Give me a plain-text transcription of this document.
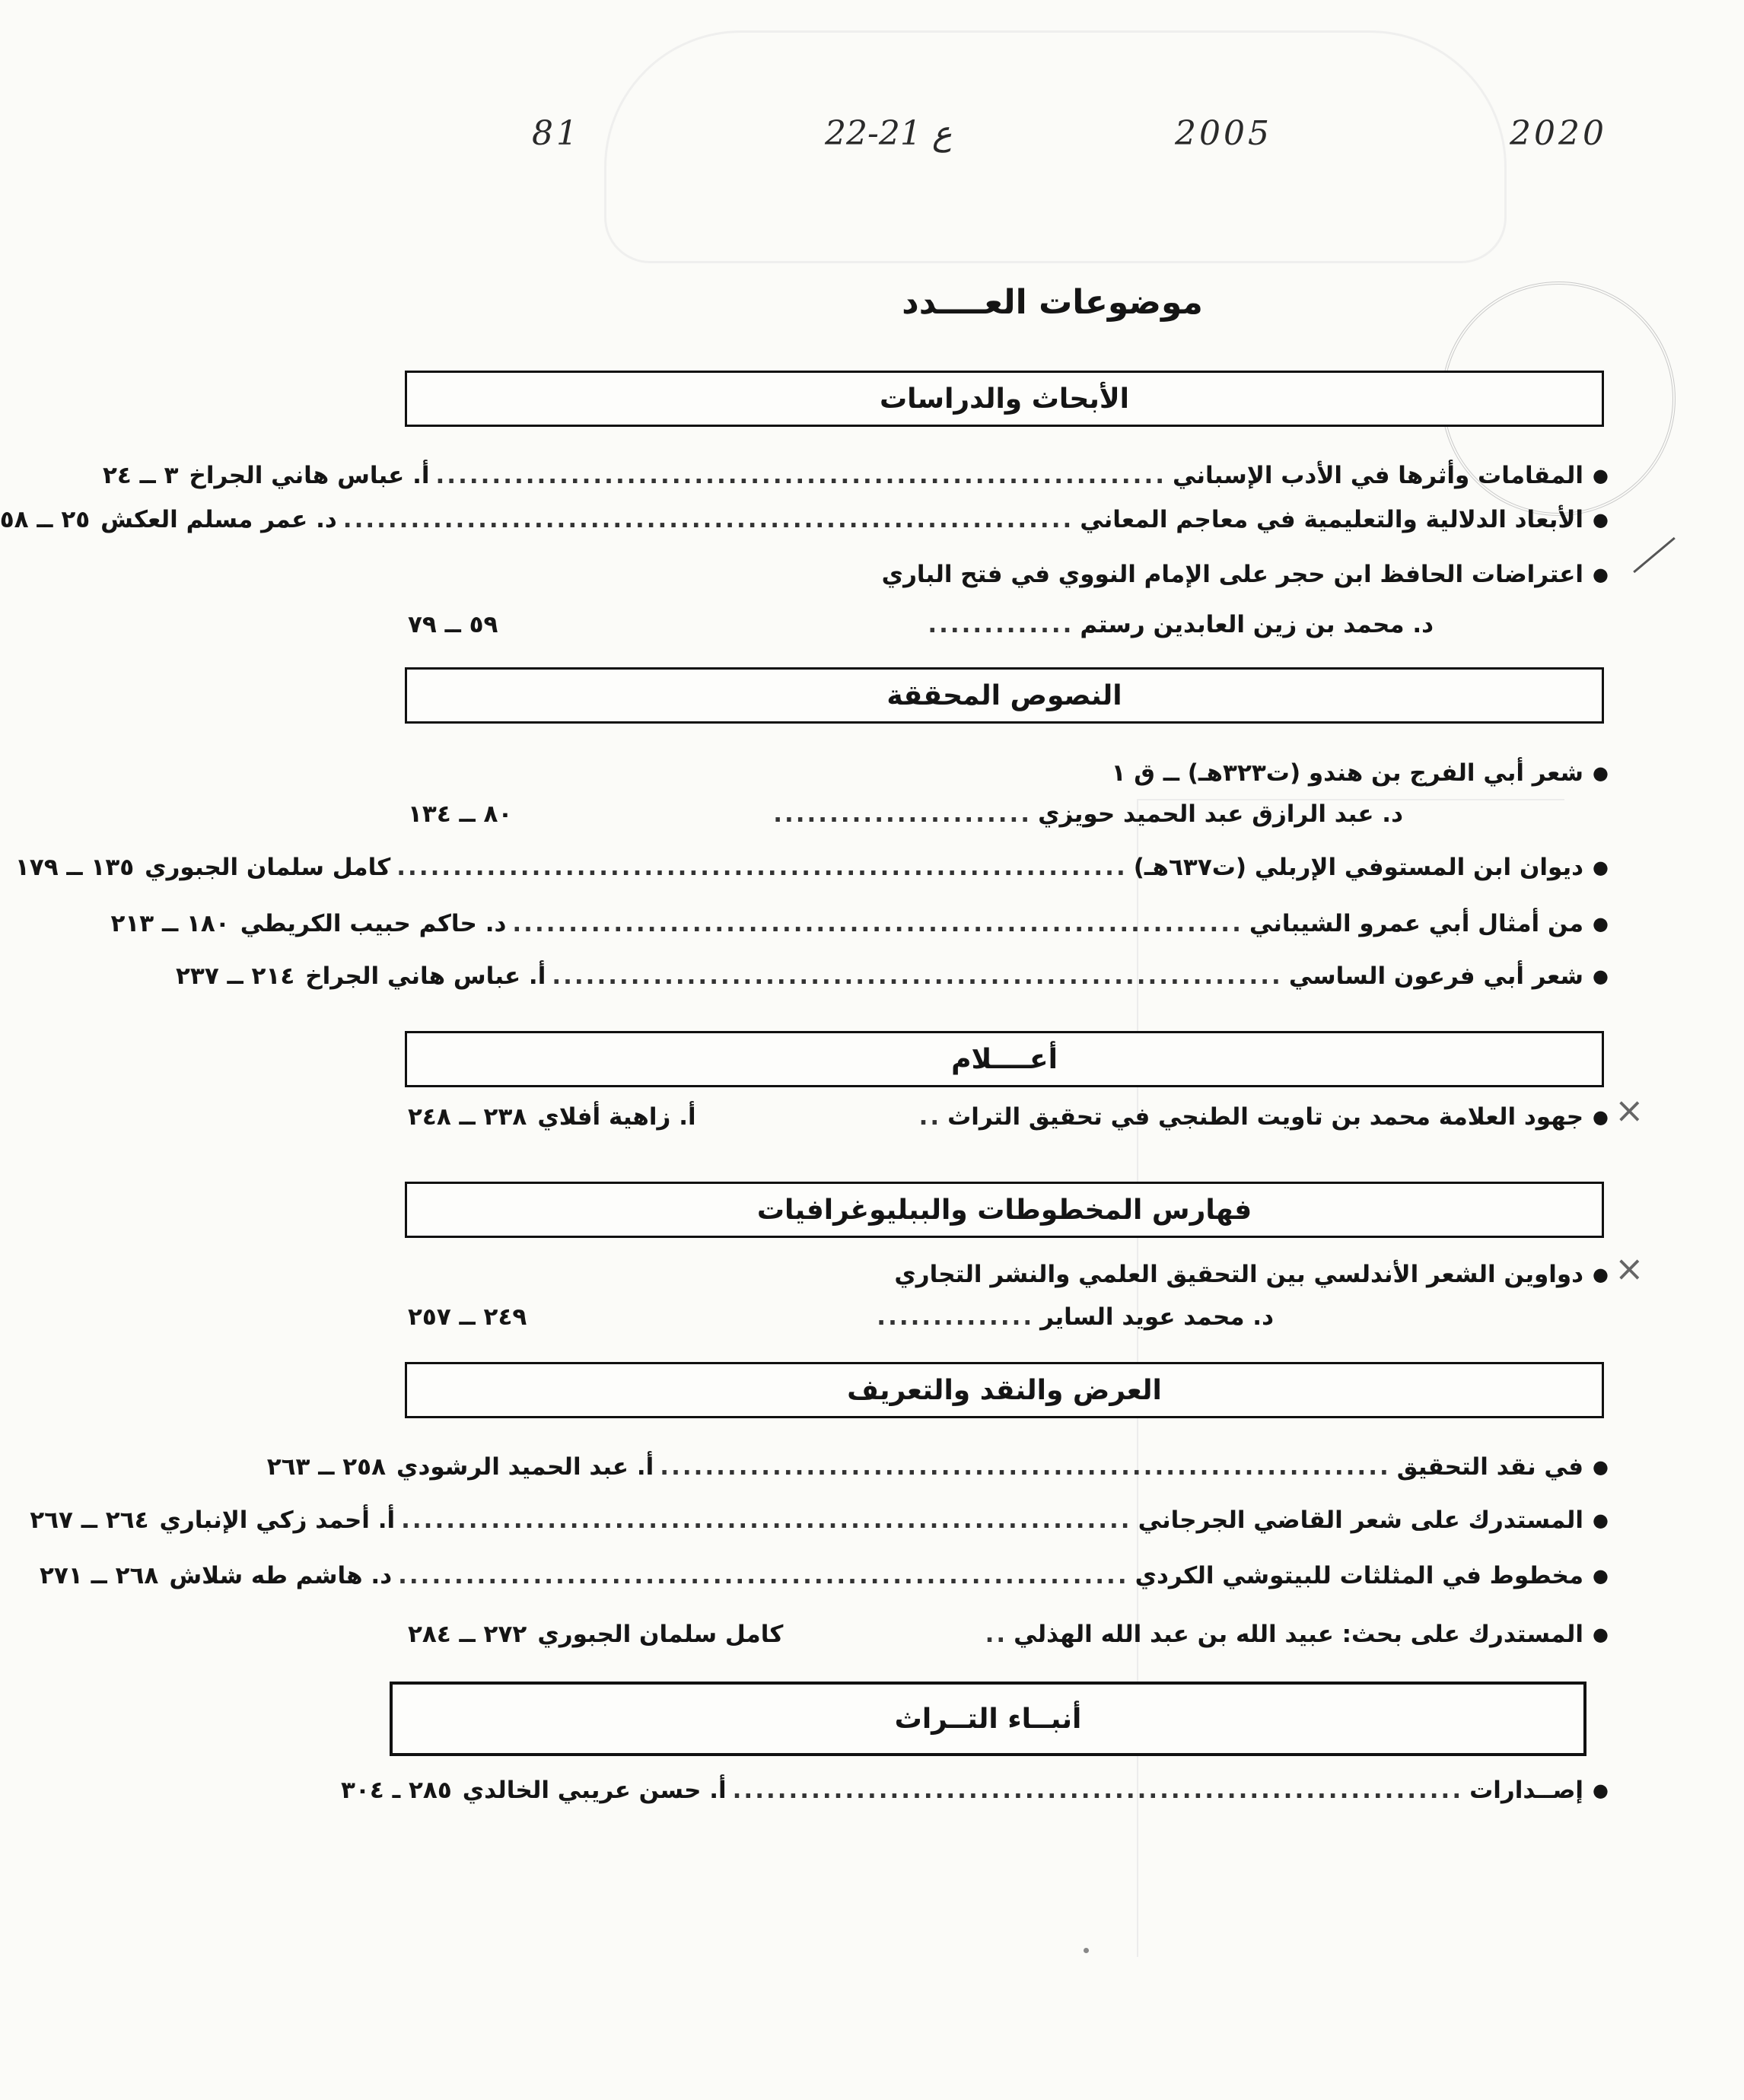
2020
2005
ع 21-22
81
موضوعات العــــدد
الأبحاث والدراسات
●
المقامات وأثرها في الأدب الإسباني
.................................................................
أ. عباس هاني الجراخ
٣ ــ ٢٤
●
الأبعاد الدلالية والتعليمية في معاجم المعاني
.................................................................
د. عمر مسلم العكش
٢٥ ــ ٥٨
●
اعتراضات الحافظ ابن حجر على الإمام النووي في فتح الباري
د. محمد بن زين العابدين رستم
.............
٥٩ ــ ٧٩
النصوص المحققة
●
شعر أبي الفرج بن هندو (ت٣٢٣هـ) ــ ق ١
د. عبد الرازق عبد الحميد حويزي
.......................
٨٠ ــ ١٣٤
●
ديوان ابن المستوفي الإربلي (ت٦٣٧هـ)
.................................................................
كامل سلمان الجبوري
١٣٥ ــ ١٧٩
●
من أمثال أبي عمرو الشيباني
.................................................................
د. حاكم حبيب الكريطي
١٨٠ ــ ٢١٣
●
شعر أبي فرعون الساسي
.................................................................
أ. عباس هاني الجراخ
٢١٤ ــ ٢٣٧
أعــــلام
●
جهود العلامة محمد بن تاويت الطنجي في تحقيق التراث
..
أ. زاهية أفلاي
٢٣٨ ــ ٢٤٨	×
فهارس المخطوطات والببليوغرافيات
●
دواوين الشعر الأندلسي بين التحقيق العلمي والنشر التجاري ×
د. محمد عويد الساير
..............
٢٤٩ ــ ٢٥٧
العرض والنقد والتعريف
●
في نقد التحقيق
.................................................................
أ. عبد الحميد الرشودي
٢٥٨ ــ ٢٦٣
●
المستدرك على شعر القاضي الجرجاني
.................................................................
أ. أحمد زكي الإنباري
٢٦٤ ــ ٢٦٧
●
مخطوط في المثلثات للبيتوشي الكردي
.................................................................
د. هاشم طه شلاش
٢٦٨ ــ ٢٧١
●
المستدرك على بحث: عبيد الله بن عبد الله الهذلي
..
كامل سلمان الجبوري
٢٧٢ ــ ٢٨٤
أنبــاء التــراث
●
إصــدارات
.................................................................
أ. حسن عريبي الخالدي
٢٨٥ ـ ٣٠٤
